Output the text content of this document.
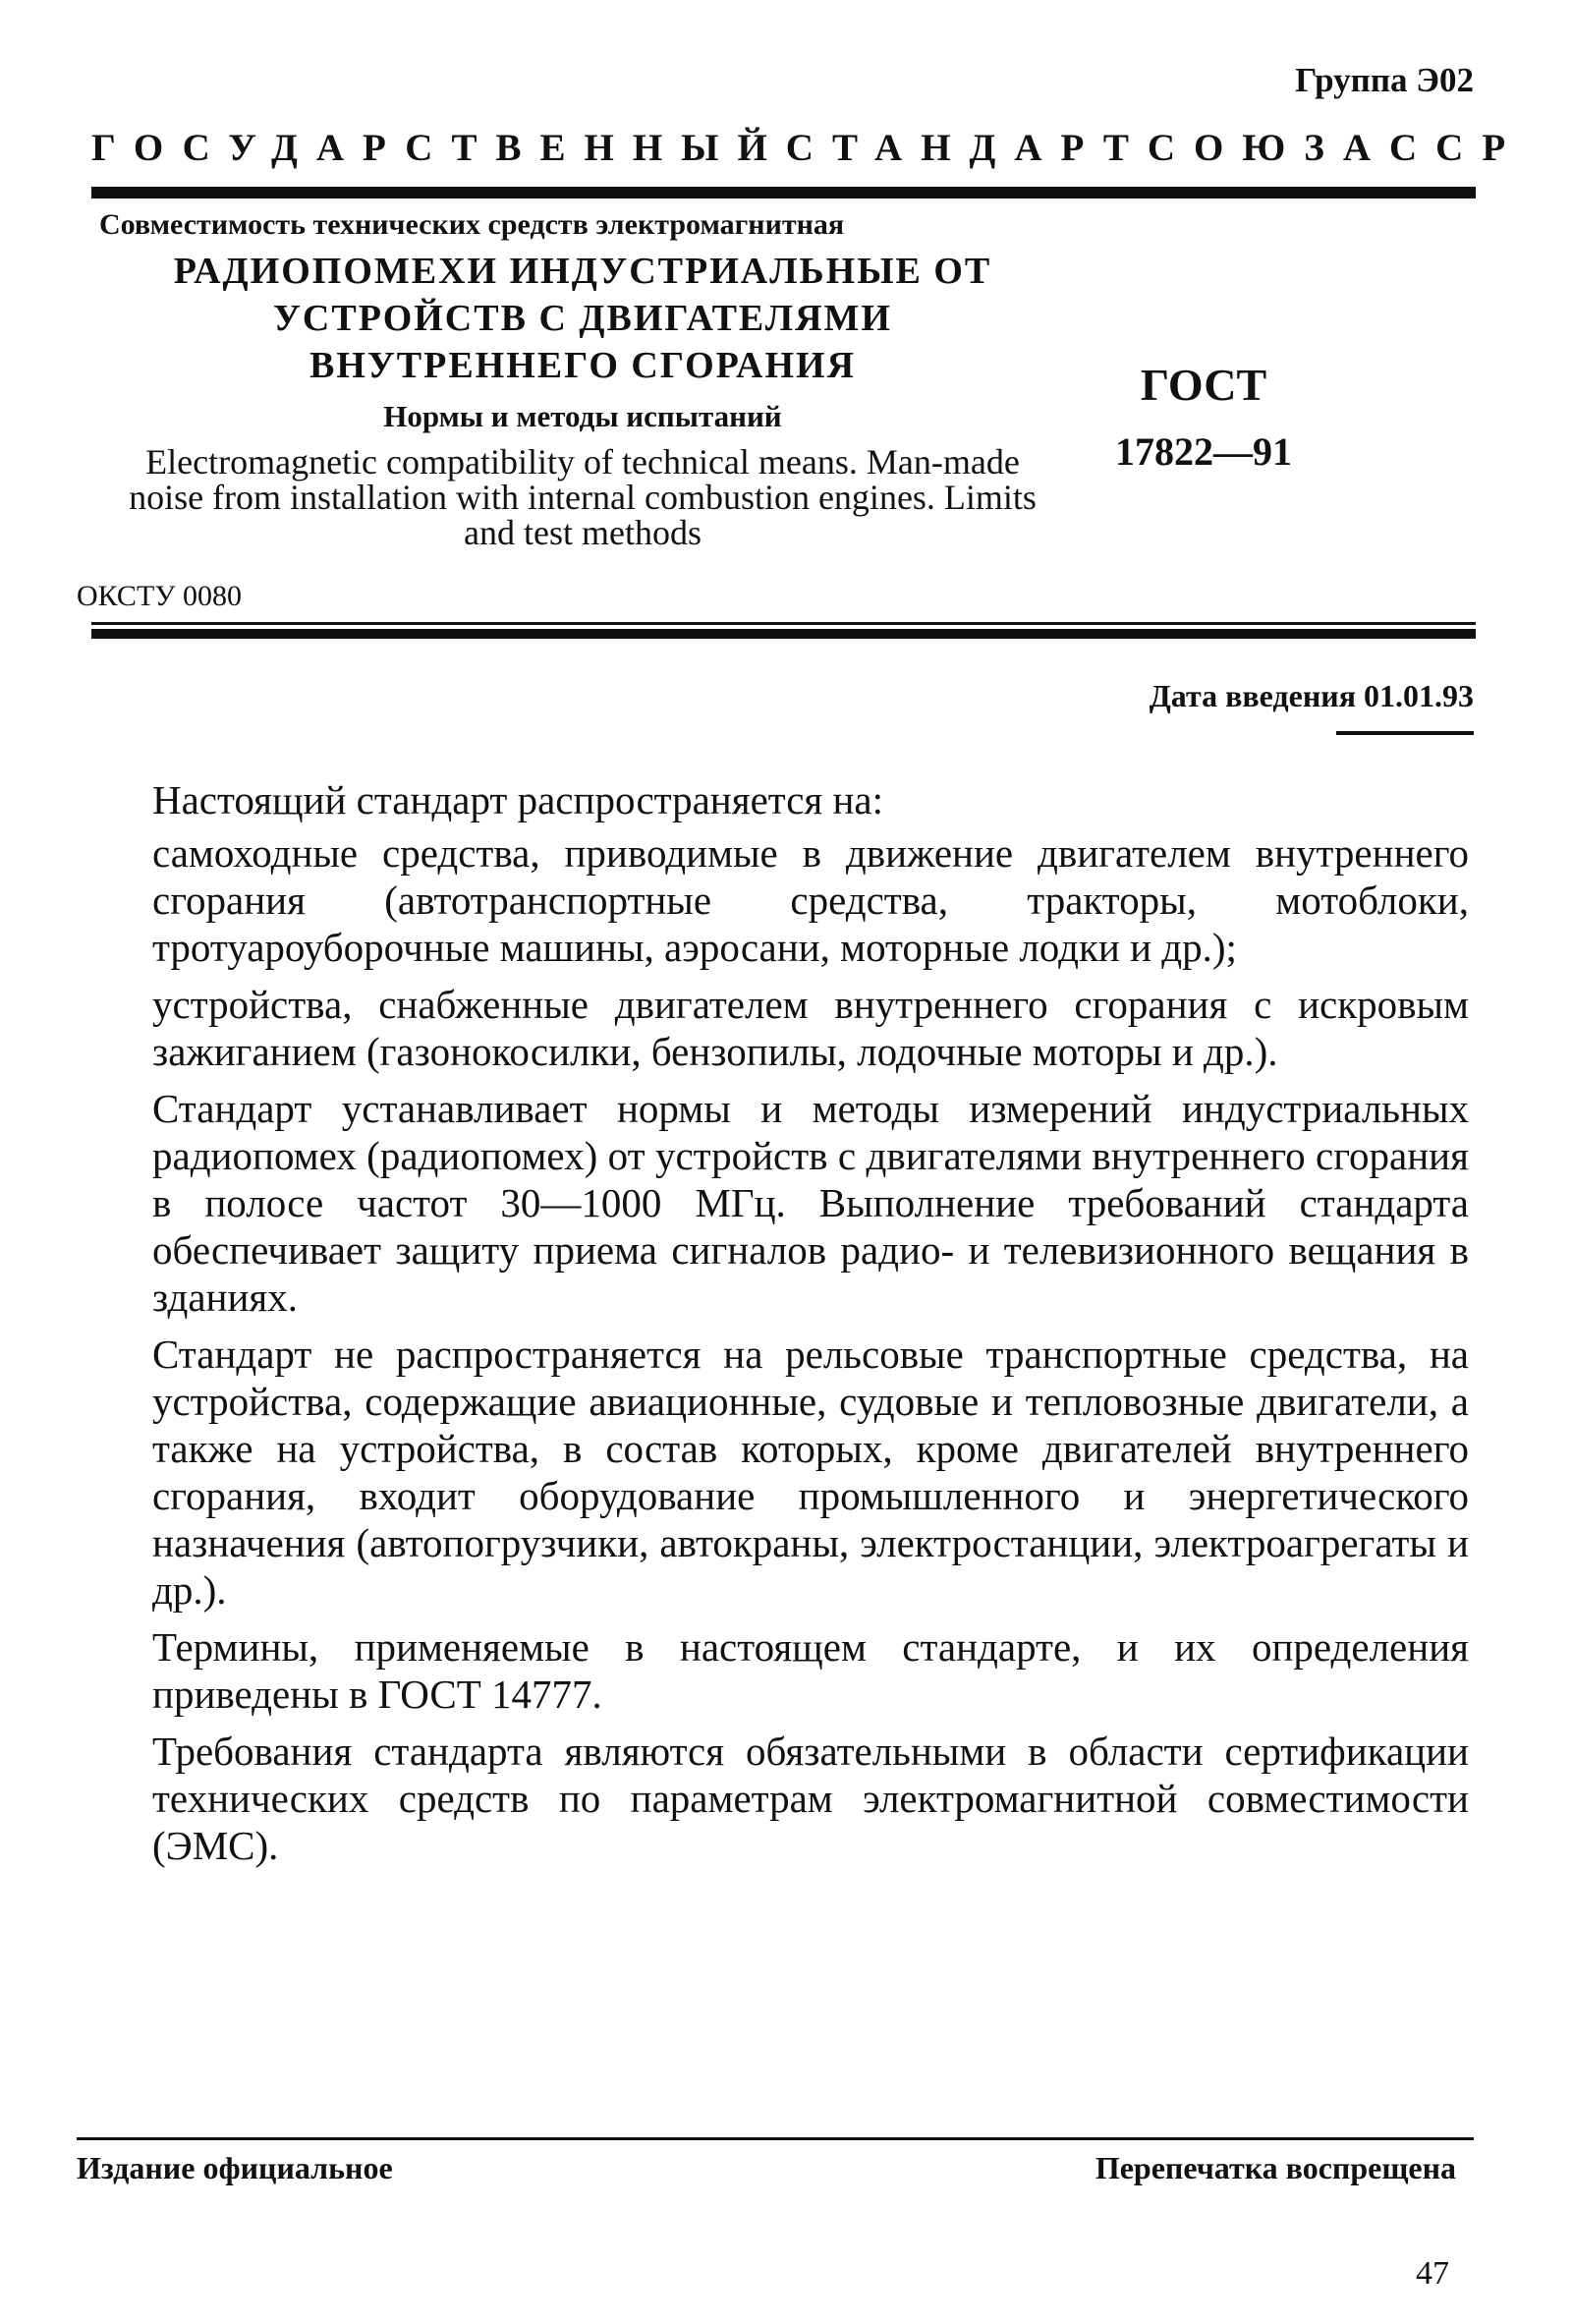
Группа Э02
ГОСУДАРСТВЕННЫЙ СТАНДАРТ СОЮЗА ССР
Совместимость технических средств электромагнитная
РАДИОПОМЕХИ ИНДУСТРИАЛЬНЫЕ ОТ УСТРОЙСТВ С ДВИГАТЕЛЯМИ ВНУТРЕННЕГО СГОРАНИЯ
Нормы и методы испытаний
Electromagnetic compatibility of technical means. Man-made noise from installation with internal combustion engines. Limits and test methods
ГОСТ
17822—91
ОКСТУ 0080
Дата введения 01.01.93

Настоящий стандарт распространяется на:

самоходные средства, приводимые в движение двигателем внутреннего сгорания (автотранспортные средства, тракторы, мотоблоки, тротуароуборочные машины, аэросани, моторные лодки и др.);

устройства, снабженные двигателем внутреннего сгорания с искровым зажиганием (газонокосилки, бензопилы, лодочные моторы и др.).

Стандарт устанавливает нормы и методы измерений индустриальных радиопомех (радиопомех) от устройств с двигателями внутреннего сгорания в полосе частот 30—1000 МГц. Выполнение требований стандарта обеспечивает защиту приема сигналов радио- и телевизионного вещания в зданиях.

Стандарт не распространяется на рельсовые транспортные средства, на устройства, содержащие авиационные, судовые и тепловозные двигатели, а также на устройства, в состав которых, кроме двигателей внутреннего сгорания, входит оборудование промышленного и энергетического назначения (автопогрузчики, автокраны, электростанции, электроагрегаты и др.).

Термины, применяемые в настоящем стандарте, и их определения приведены в ГОСТ 14777.

Требования стандарта являются обязательными в области сертификации технических средств по параметрам электромагнитной совместимости (ЭМС).

Издание официальное	Перепечатка воспрещена
47
